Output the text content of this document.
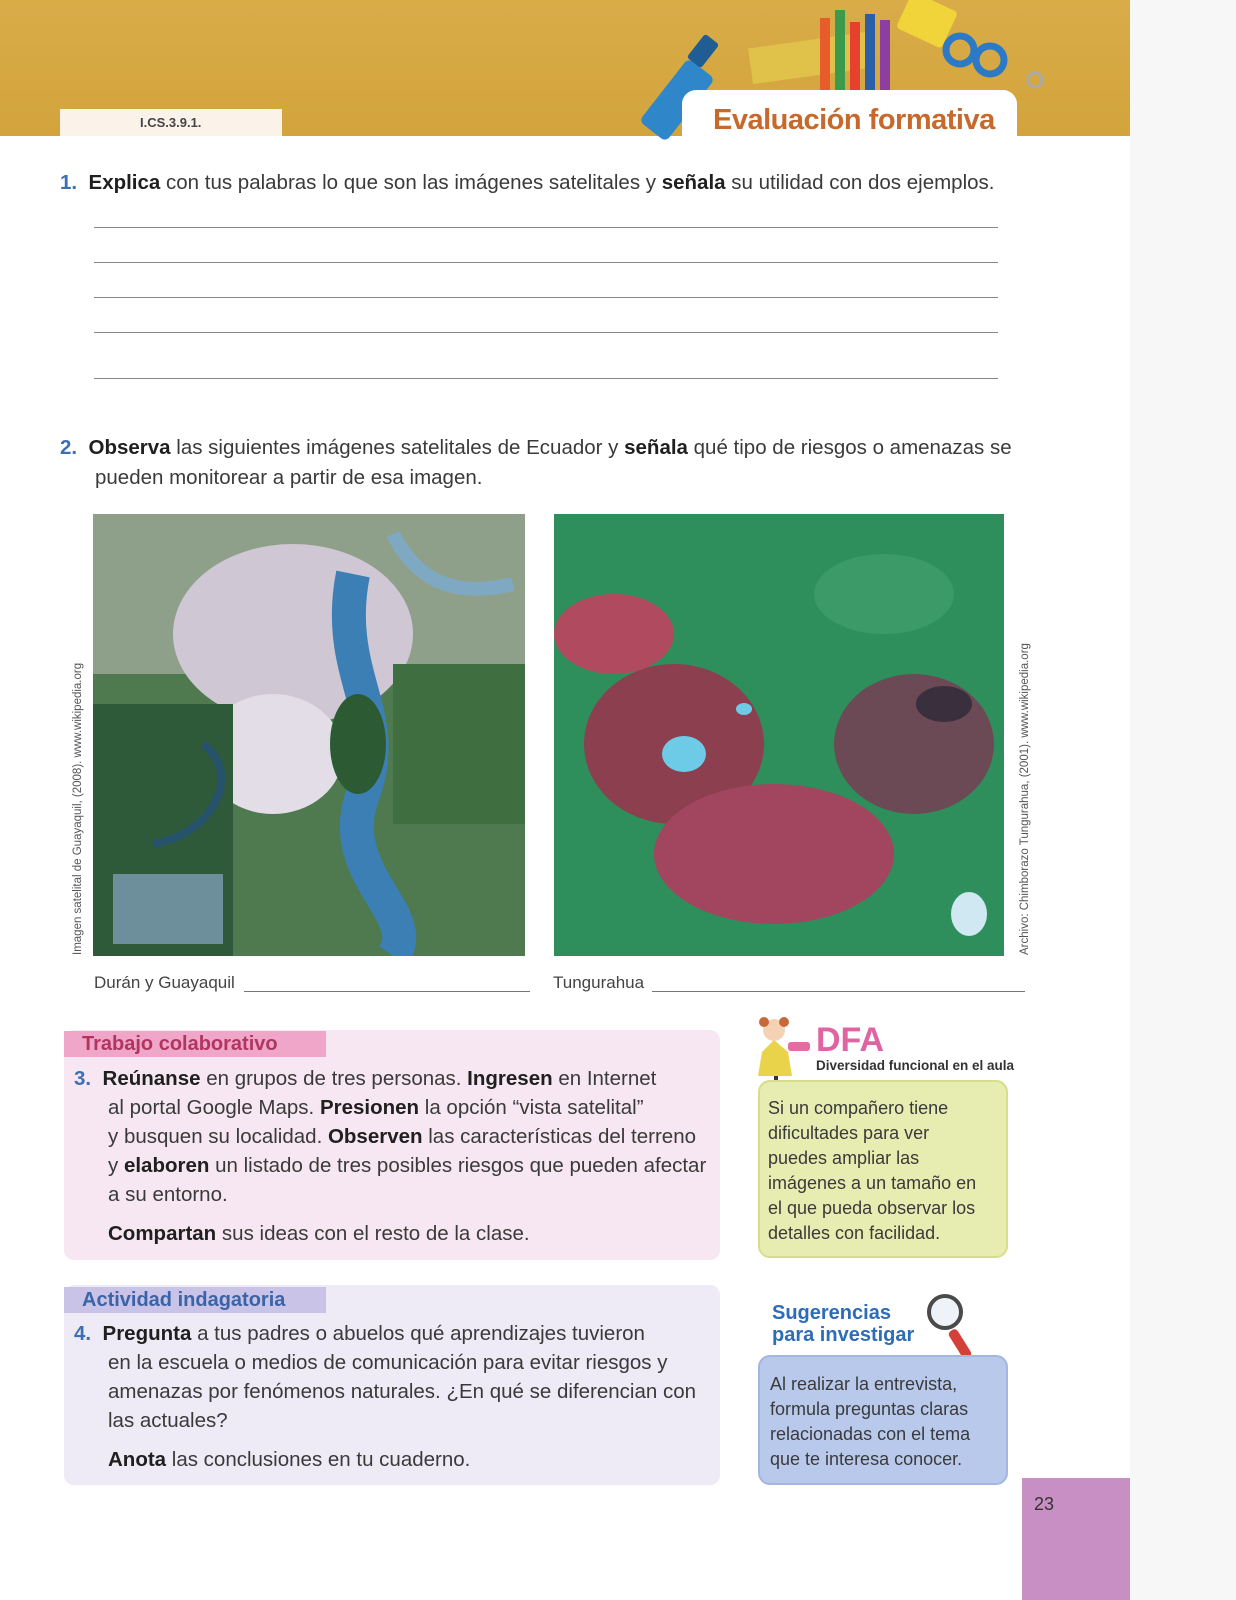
I.CS.3.9.1.	Evaluación formativa
1. Explica con tus palabras lo que son las imágenes satelitales y señala su utilidad con dos ejemplos.
2. Observa las siguientes imágenes satelitales de Ecuador y señala qué tipo de riesgos o amenazas se
pueden monitorear a partir de esa imagen.
Imagen satelital de Guayaquil, (2008). www.wikipedia.org	Archivo: Chimborazo Tungurahua, (2001). www.wikipedia.org
Durán y Guayaquil	Tungurahua
Trabajo colaborativo
3. Reúnanse en grupos de tres personas. Ingresen en Internet
al portal Google Maps. Presionen la opción “vista satelital”
y busquen su localidad. Observen las características del terreno
y elaboren un listado de tres posibles riesgos que pueden afectar
a su entorno.

Compartan sus ideas con el resto de la clase.
Actividad indagatoria
4. Pregunta a tus padres o abuelos qué aprendizajes tuvieron
en la escuela o medios de comunicación para evitar riesgos y
amenazas por fenómenos naturales. ¿En qué se diferencian con
las actuales?

Anota las conclusiones en tu cuaderno.
DFA
Diversidad funcional en el aula
Si un compañero tiene
dificultades para ver
puedes ampliar las
imágenes a un tamaño en
el que pueda observar los
detalles con facilidad.
Sugerencias
para investigar
Al realizar la entrevista,
formula preguntas claras
relacionadas con el tema
que te interesa conocer.
23
